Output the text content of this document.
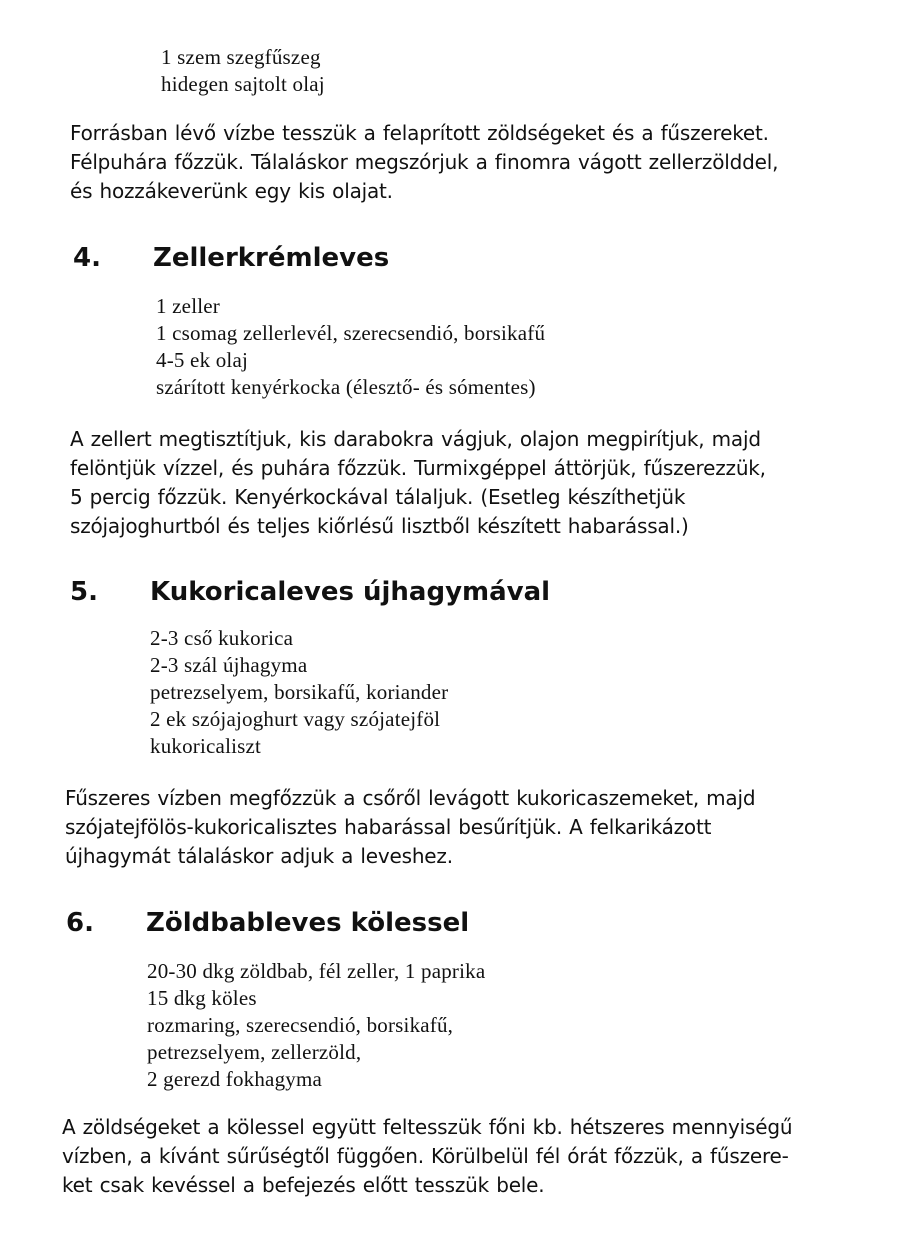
1 szem szegfűszeg
hidegen sajtolt olaj
Forrásban lévő vízbe tesszük a felaprított zöldségeket és a fűszereket.
Félpuhára főzzük. Tálaláskor megszórjuk a finomra vágott zellerzölddel,
és hozzákeverünk egy kis olajat.
4. Zellerkrémleves
1 zeller
1 csomag zellerlevél, szerecsendió, borsikafű
4-5 ek olaj
szárított kenyérkocka (élesztő- és sómentes)
A zellert megtisztítjuk, kis darabokra vágjuk, olajon megpirítjuk, majd
felöntjük vízzel, és puhára főzzük. Turmixgéppel áttörjük, fűszerezzük,
5 percig főzzük. Kenyérkockával tálaljuk. (Esetleg készíthetjük
szójajoghurtból és teljes kiőrlésű lisztből készített habarással.)
5. Kukoricaleves újhagymával
2-3 cső kukorica
2-3 szál újhagyma
petrezselyem, borsikafű, koriander
2 ek szójajoghurt vagy szójatejföl
kukoricaliszt
Fűszeres vízben megfőzzük a csőről levágott kukoricaszemeket, majd
szójatejfölös-kukoricalisztes habarással besűrítjük. A felkarikázott
újhagymát tálaláskor adjuk a leveshez.
6. Zöldbableves kölessel
20-30 dkg zöldbab, fél zeller, 1 paprika
15 dkg köles
rozmaring, szerecsendió, borsikafű,
petrezselyem, zellerzöld,
2 gerezd fokhagyma
A zöldségeket a kölessel együtt feltesszük főni kb. hétszeres mennyiségű
vízben, a kívánt sűrűségtől függően. Körülbelül fél órát főzzük, a fűszere-
ket csak kevéssel a befejezés előtt tesszük bele.
